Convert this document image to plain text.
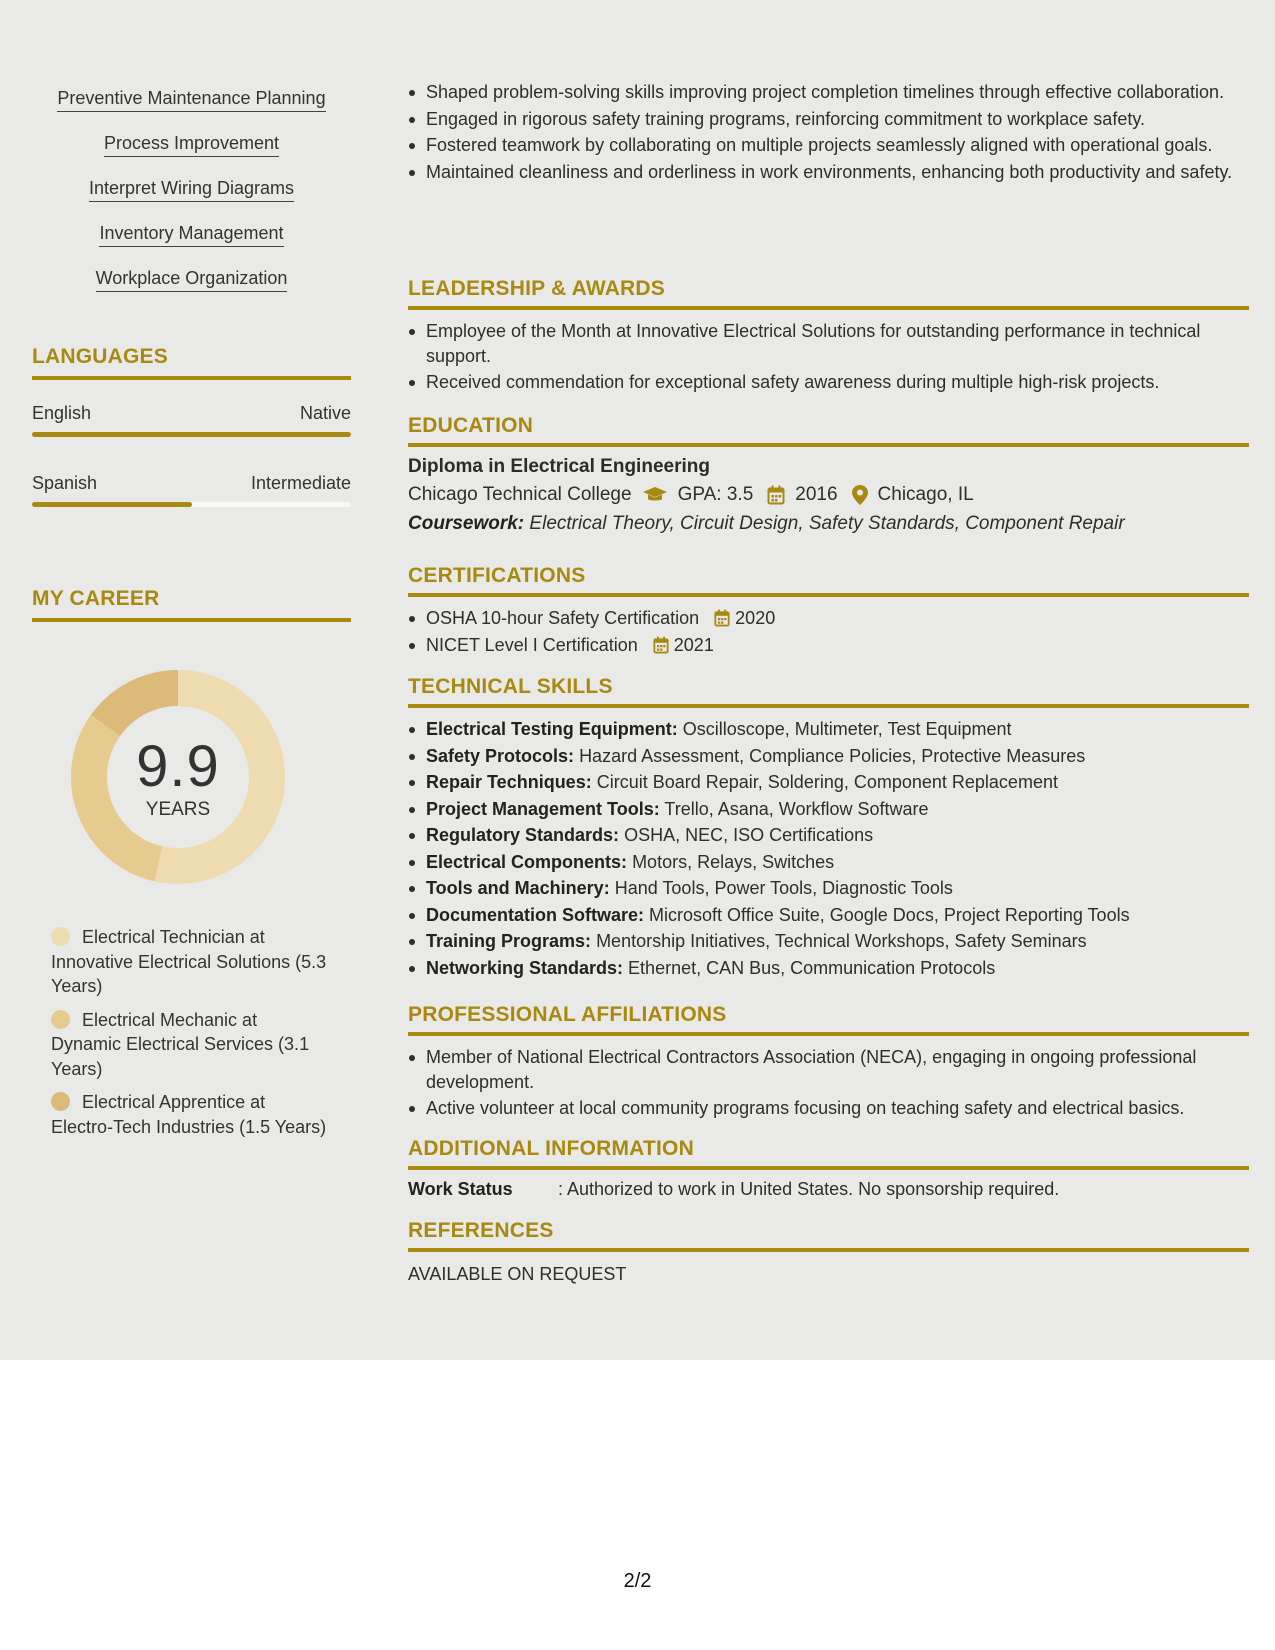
Preventive Maintenance Planning
Process Improvement
Interpret Wiring Diagrams
Inventory Management
Workplace Organization
LANGUAGES
English	Native
Spanish	Intermediate
MY CAREER
9.9
YEARS
Electrical Technician at Innovative Electrical Solutions (5.3 Years)
Electrical Mechanic at Dynamic Electrical Services (3.1 Years)
Electrical Apprentice at Electro-Tech Industries (1.5 Years)
Shaped problem-solving skills improving project completion timelines through effective collaboration.
Engaged in rigorous safety training programs, reinforcing commitment to workplace safety.
Fostered teamwork by collaborating on multiple projects seamlessly aligned with operational goals.
Maintained cleanliness and orderliness in work environments, enhancing both productivity and safety.
LEADERSHIP & AWARDS
Employee of the Month at Innovative Electrical Solutions for outstanding performance in technical support.
Received commendation for exceptional safety awareness during multiple high-risk projects.
EDUCATION
Diploma in Electrical Engineering
Chicago Technical College GPA: 3.5 2016 Chicago, IL
Coursework: Electrical Theory, Circuit Design, Safety Standards, Component Repair
CERTIFICATIONS
OSHA 10-hour Safety Certification 2020
NICET Level I Certification 2021
TECHNICAL SKILLS
Electrical Testing Equipment: Oscilloscope, Multimeter, Test Equipment
Safety Protocols: Hazard Assessment, Compliance Policies, Protective Measures
Repair Techniques: Circuit Board Repair, Soldering, Component Replacement
Project Management Tools: Trello, Asana, Workflow Software
Regulatory Standards: OSHA, NEC, ISO Certifications
Electrical Components: Motors, Relays, Switches
Tools and Machinery: Hand Tools, Power Tools, Diagnostic Tools
Documentation Software: Microsoft Office Suite, Google Docs, Project Reporting Tools
Training Programs: Mentorship Initiatives, Technical Workshops, Safety Seminars
Networking Standards: Ethernet, CAN Bus, Communication Protocols
PROFESSIONAL AFFILIATIONS
Member of National Electrical Contractors Association (NECA), engaging in ongoing professional development.
Active volunteer at local community programs focusing on teaching safety and electrical basics.
ADDITIONAL INFORMATION
Work Status	: Authorized to work in United States. No sponsorship required.
REFERENCES
AVAILABLE ON REQUEST
2/2
